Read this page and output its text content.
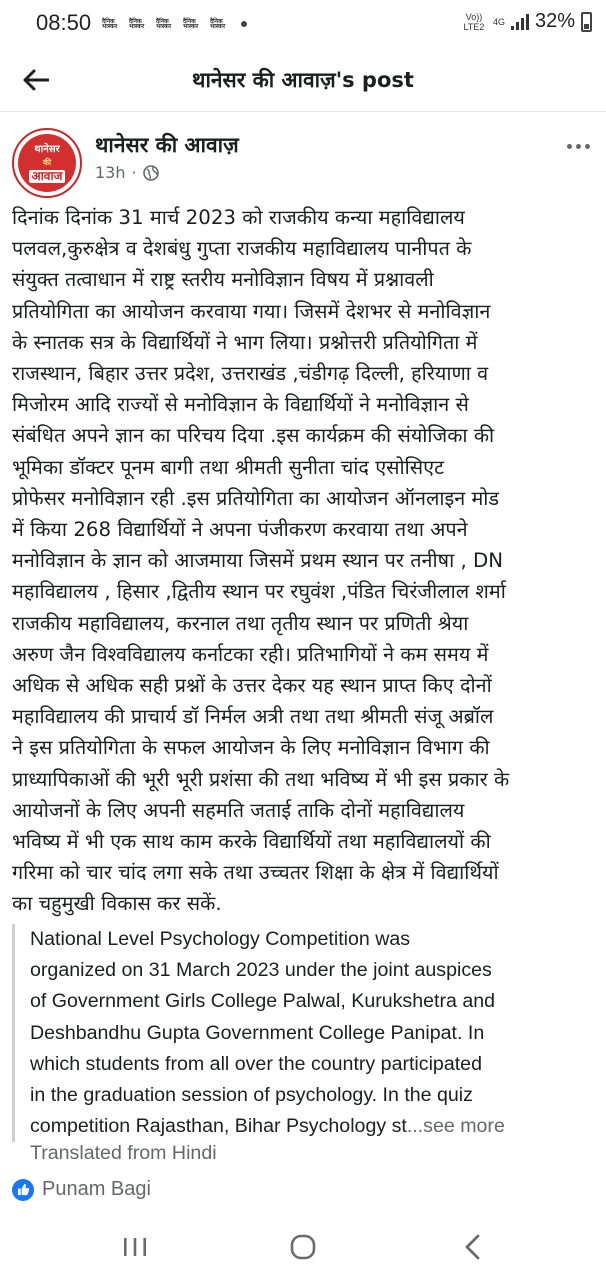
08:50 दैनिक भास्कर
दैनिक भास्कर
दैनिक भास्कर
दैनिक भास्कर
दैनिक भास्कर
Vo)) LTE2 4G 32%
थानेसर की आवाज़'s post
थानेसर
की
आवाज
थानेसर की आवाज़
13h ·
दिनांक दिनांक 31 मार्च 2023 को राजकीय कन्या महाविद्यालय
पलवल,कुरुक्षेत्र व देशबंधु गुप्ता राजकीय महाविद्यालय पानीपत के
संयुक्त तत्वाधान में राष्ट्र स्तरीय मनोविज्ञान विषय में प्रश्नावली
प्रतियोगिता का आयोजन करवाया गया। जिसमें देशभर से मनोविज्ञान
के स्नातक सत्र के विद्यार्थियों ने भाग लिया। प्रश्नोत्तरी प्रतियोगिता में
राजस्थान, बिहार उत्तर प्रदेश, उत्तराखंड ,चंडीगढ़ दिल्ली, हरियाणा व
मिजोरम आदि राज्यों से मनोविज्ञान के विद्यार्थियों ने मनोविज्ञान से
संबंधित अपने ज्ञान का परिचय दिया .इस कार्यक्रम की संयोजिका की
भूमिका डॉक्टर पूनम बागी तथा श्रीमती सुनीता चांद एसोसिएट
प्रोफेसर मनोविज्ञान रही .इस प्रतियोगिता का आयोजन ऑनलाइन मोड
में किया 268 विद्यार्थियों ने अपना पंजीकरण करवाया तथा अपने
मनोविज्ञान के ज्ञान को आजमाया जिसमें प्रथम स्थान पर तनीषा , DN
महाविद्यालय , हिसार ,द्वितीय स्थान पर रघुवंश ,पंडित चिरंजीलाल शर्मा
राजकीय महाविद्यालय, करनाल तथा तृतीय स्थान पर प्रणिती श्रेया
अरुण जैन विश्वविद्यालय कर्नाटका रही। प्रतिभागियों ने कम समय में
अधिक से अधिक सही प्रश्नों के उत्तर देकर यह स्थान प्राप्त किए दोनों
महाविद्यालय की प्राचार्य डॉ निर्मल अत्री तथा तथा श्रीमती संजू अब्रॉल
ने इस प्रतियोगिता के सफल आयोजन के लिए मनोविज्ञान विभाग की
प्राध्यापिकाओं की भूरी भूरी प्रशंसा की तथा भविष्य में भी इस प्रकार के
आयोजनों के लिए अपनी सहमति जताई ताकि दोनों महाविद्यालय
भविष्य में भी एक साथ काम करके विद्यार्थियों तथा महाविद्यालयों की
गरिमा को चार चांद लगा सके तथा उच्चतर शिक्षा के क्षेत्र में विद्यार्थियों
का चहुमुखी विकास कर सकें.
National Level Psychology Competition was
organized on 31 March 2023 under the joint auspices
of Government Girls College Palwal, Kurukshetra and
Deshbandhu Gupta Government College Panipat. In
which students from all over the country participated
in the graduation session of psychology. In the quiz
competition Rajasthan, Bihar Psychology st...see more
Translated from Hindi
Punam Bagi
